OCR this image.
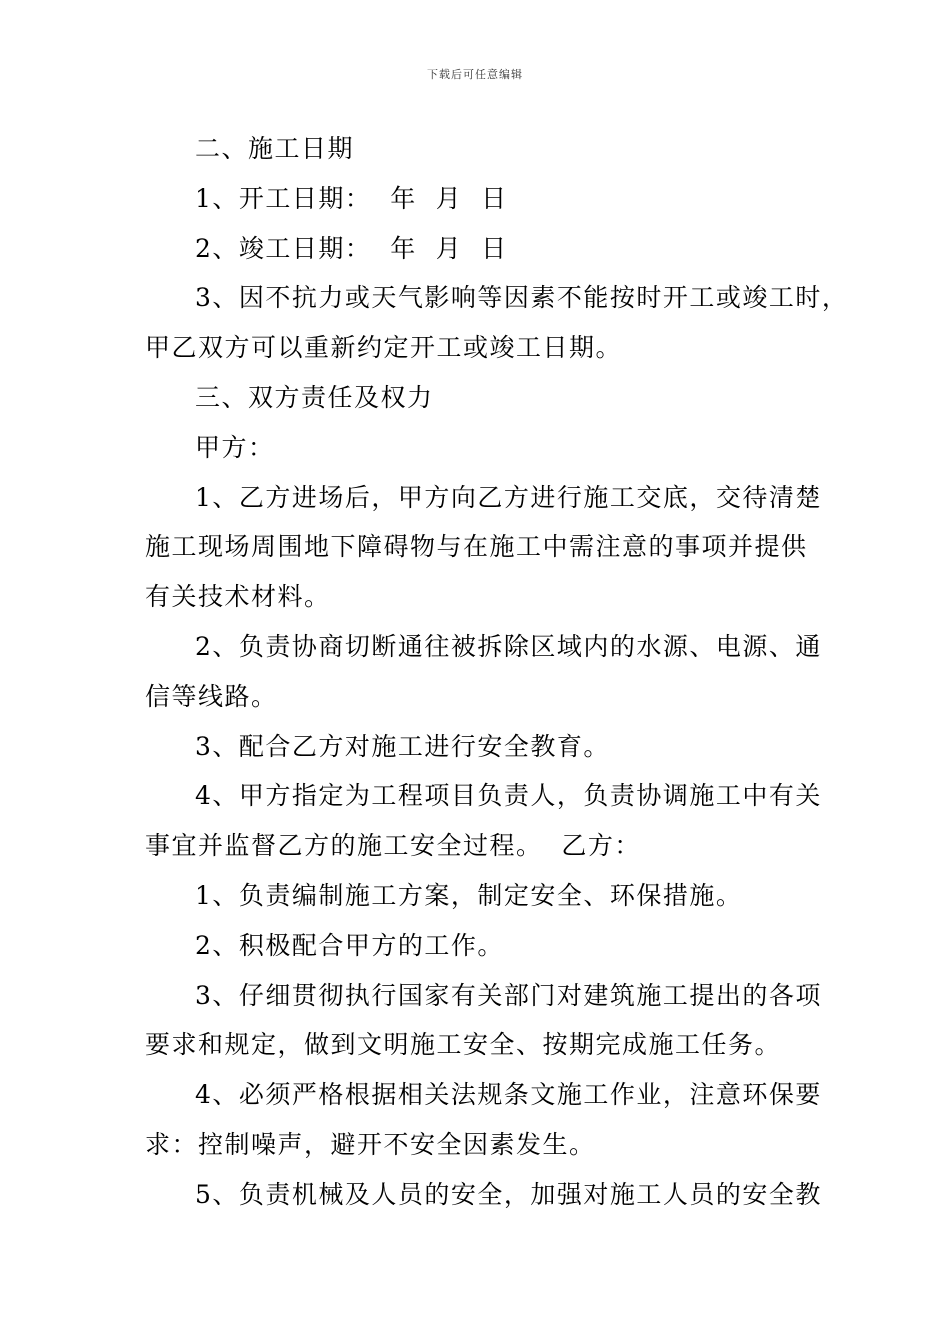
下载后可任意编辑
二、施工日期
1、开工日期：  年  月  日
2、竣工日期：  年  月  日
3、因不抗力或天气影响等因素不能按时开工或竣工时，
甲乙双方可以重新约定开工或竣工日期。
三、双方责任及权力
甲方：
1、乙方进场后，甲方向乙方进行施工交底，交待清楚
施工现场周围地下障碍物与在施工中需注意的事项并提供
有关技术材料。
2、负责协商切断通往被拆除区域内的水源、电源、通
信等线路。
3、配合乙方对施工进行安全教育。
4、甲方指定为工程项目负责人，负责协调施工中有关
事宜并监督乙方的施工安全过程。  乙方：
1、负责编制施工方案，制定安全、环保措施。
2、积极配合甲方的工作。
3、仔细贯彻执行国家有关部门对建筑施工提出的各项
要求和规定，做到文明施工安全、按期完成施工任务。
4、必须严格根据相关法规条文施工作业，注意环保要
求：控制噪声，避开不安全因素发生。
5、负责机械及人员的安全，加强对施工人员的安全教
